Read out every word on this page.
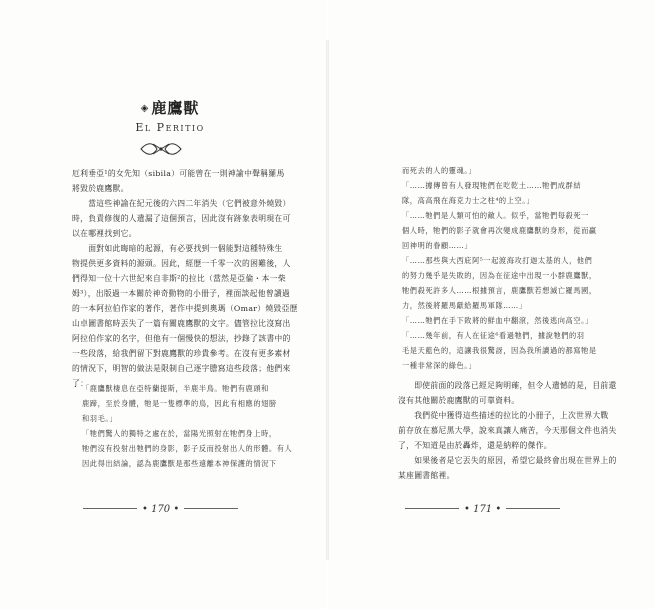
◈ 鹿鷹獸
El Peritio
厄利垂亞¹的女先知（sibila）可能曾在一則神諭中聲稱羅馬
將毀於鹿鷹獸。
　　當這些神諭在紀元後的六四二年消失（它們被意外燒毀）
時，負責修復的人遺漏了這個預言，因此沒有跡象表明現在可
以在哪裡找到它。
　　面對如此晦暗的起源，有必要找到一個能對這種特殊生
物提供更多資料的源頭。因此，經歷一千零一次的困難後，人
們得知一位十六世紀來自非斯²的拉比（當然是亞倫・本一柴
姆³），出版過一本關於神奇動物的小冊子，裡面談起他曾讀過
的一本阿拉伯作家的著作，著作中提到奧瑪（Omar）燒毀亞歷
山卓圖書館時丟失了一篇有關鹿鷹獸的文字。儘管拉比沒寫出
阿拉伯作家的名字，但他有一個慢快的想法，抄錄了該書中的
一些段落，給我們留下對鹿鷹獸的珍貴參考。在沒有更多素材
的情況下，明智的做法是限制自己逐字謄寫這些段落；他們來
了：
「鹿鷹獸棲息在亞特蘭提斯，半鹿半鳥。牠們有鹿頭和
鹿蹄，至於身體，牠是一隻標準的鳥，因此有相應的翅膀
和羽毛。」
「牠們驚人的獨特之處在於，當陽光照射在牠們身上時，
牠們沒有投射出牠們的身影，影子反而投射出人的形體。有人
因此得出結論，認為鹿鷹獸是那些遠離本神保護的情況下
• 170 •
而死去的人的靈魂。」
「……據傳曾有人發現牠們在吃乾土……牠們成群結
隊，高高飛在海克力士之柱⁴的上空。」
「……牠們是人類可怕的敵人。似乎，當牠們每殺死一
個人時，牠們的影子就會再次變成鹿鷹獸的身形，從而贏
回神明的眷顧……」
「……那些與大西庇阿⁵一起渡海攻打迦太基的人，他們
的努力幾乎是失敗的，因為在征途中出現一小群鹿鷹獸，
牠們殺死許多人……根據預言，鹿鷹獸若想滅亡羅馬國，
力，然後將羅馬獻給羅馬軍隊……」
「……牠們在手下敗將的鮮血中翻滾，然後逃向高空。」
「……幾年前，有人在征途⁶看過牠們，據說牠們的羽
毛是天藍色的，這讓我很驚訝，因為我所讀過的都寫牠是
一種非常深的綠色。」
　　即使前面的段落已經足夠明確，但令人遺憾的是，目前還
沒有其他關於鹿鷹獸的可靠資料。
　　我們從中獲得這些描述的拉比的小冊子，上次世界大戰
前存放在慕尼黑大學，說來真讓人痛苦，今天那個文件也消失
了，不知道是由於轟炸，還是納粹的傑作。
　　如果後者是它丟失的原因，希望它最終會出現在世界上的
某座圖書館裡。
• 171 •
